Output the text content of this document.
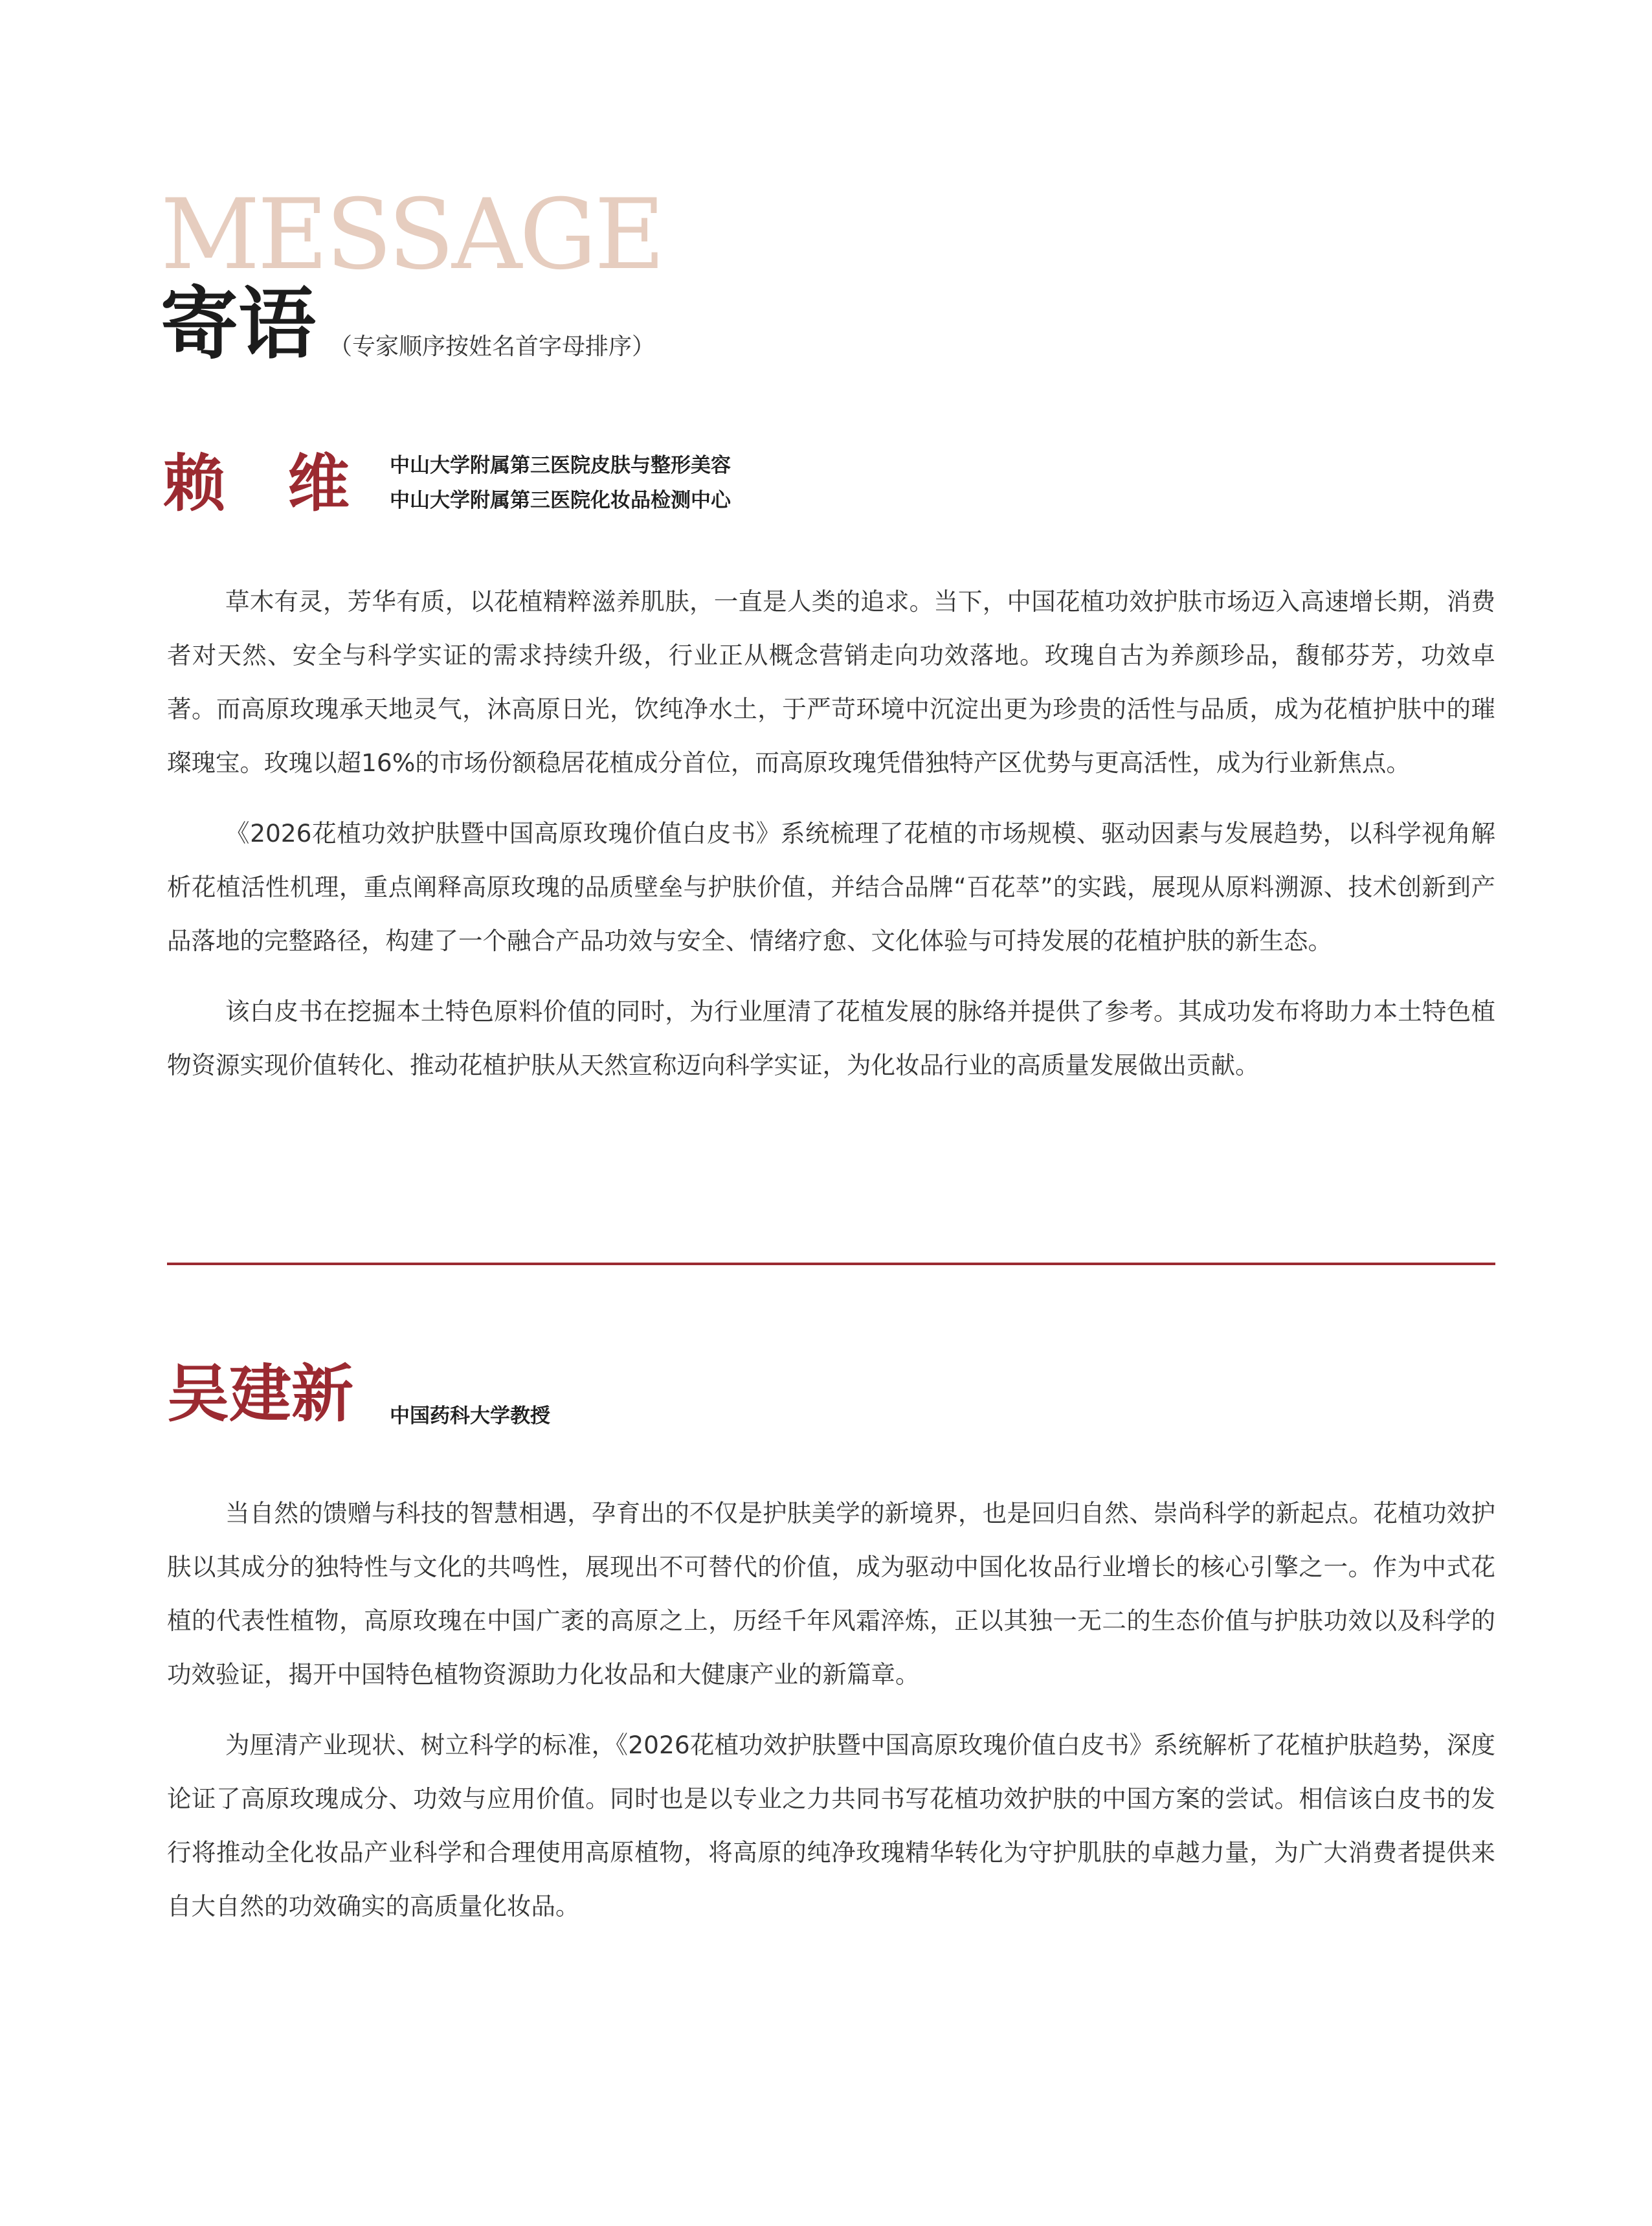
MESSAGE
寄语 （专家顺序按姓名首字母排序）
赖　维 中山大学附属第三医院皮肤与整形美容
中山大学附属第三医院化妆品检测中心

草木有灵，芳华有质，以花植精粹滋养肌肤，一直是人类的追求。当下，中国花植功效护肤市场迈入高速增长期，消费者对天然、安全与科学实证的需求持续升级，行业正从概念营销走向功效落地。玫瑰自古为养颜珍品，馥郁芬芳，功效卓著。而高原玫瑰承天地灵气，沐高原日光，饮纯净水土，于严苛环境中沉淀出更为珍贵的活性与品质，成为花植护肤中的璀璨瑰宝。玫瑰以超16%的市场份额稳居花植成分首位，而高原玫瑰凭借独特产区优势与更高活性，成为行业新焦点。

《2026花植功效护肤暨中国高原玫瑰价值白皮书》系统梳理了花植的市场规模、驱动因素与发展趋势，以科学视角解析花植活性机理，重点阐释高原玫瑰的品质壁垒与护肤价值，并结合品牌“百花萃”的实践，展现从原料溯源、技术创新到产品落地的完整路径，构建了一个融合产品功效与安全、情绪疗愈、文化体验与可持发展的花植护肤的新生态。

该白皮书在挖掘本土特色原料价值的同时，为行业厘清了花植发展的脉络并提供了参考。其成功发布将助力本土特色植物资源实现价值转化、推动花植护肤从天然宣称迈向科学实证，为化妆品行业的高质量发展做出贡献。

吴建新 中国药科大学教授

当自然的馈赠与科技的智慧相遇，孕育出的不仅是护肤美学的新境界，也是回归自然、崇尚科学的新起点。花植功效护肤以其成分的独特性与文化的共鸣性，展现出不可替代的价值，成为驱动中国化妆品行业增长的核心引擎之一。作为中式花植的代表性植物，高原玫瑰在中国广袤的高原之上，历经千年风霜淬炼，正以其独一无二的生态价值与护肤功效以及科学的功效验证，揭开中国特色植物资源助力化妆品和大健康产业的新篇章。

为厘清产业现状、树立科学的标准，《2026花植功效护肤暨中国高原玫瑰价值白皮书》系统解析了花植护肤趋势，深度论证了高原玫瑰成分、功效与应用价值。同时也是以专业之力共同书写花植功效护肤的中国方案的尝试。相信该白皮书的发行将推动全化妆品产业科学和合理使用高原植物，将高原的纯净玫瑰精华转化为守护肌肤的卓越力量，为广大消费者提供来自大自然的功效确实的高质量化妆品。
